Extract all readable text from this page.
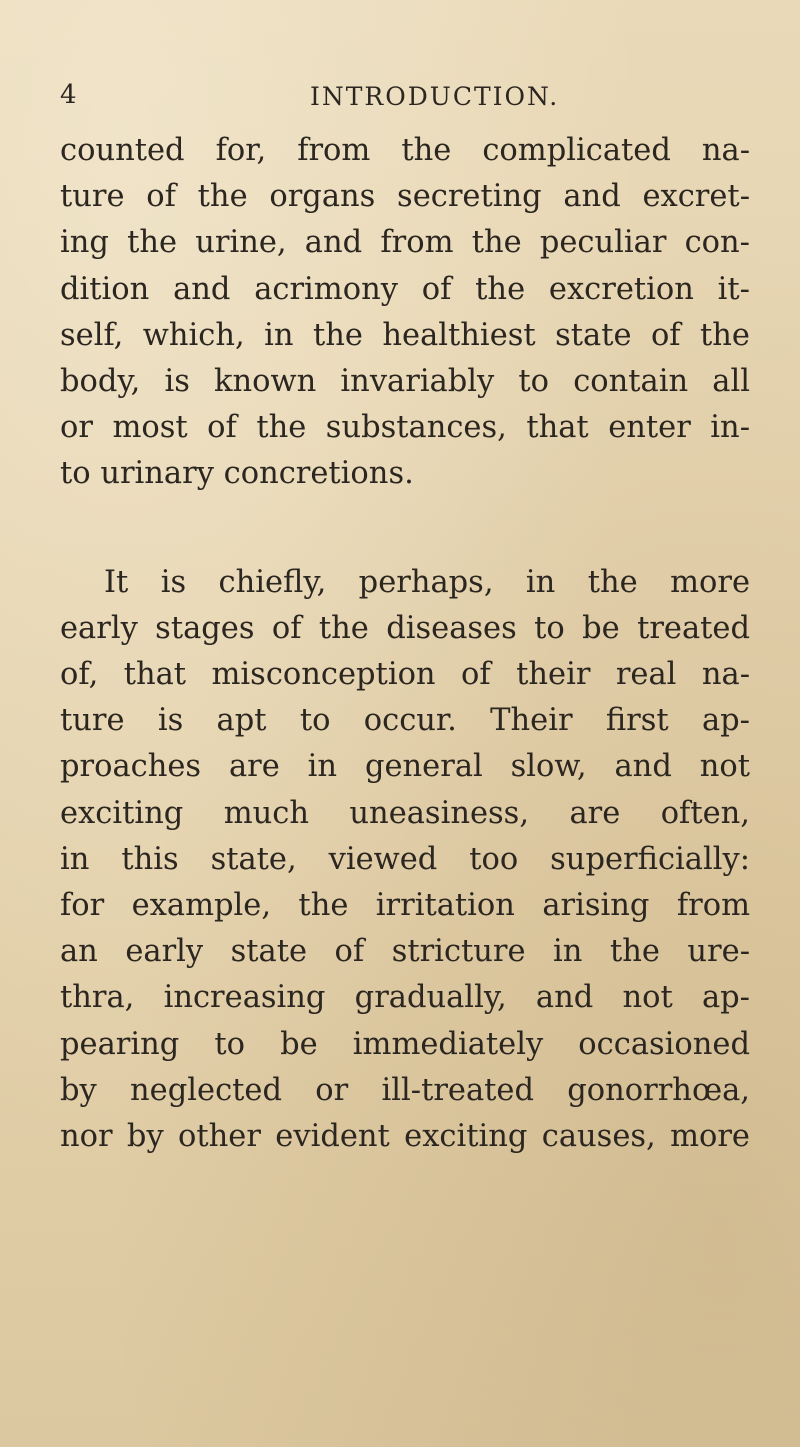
4	INTRODUCTION.
counted for, from the complicated na-
ture of the organs secreting and excret-
ing the urine, and from the peculiar con-
dition and acrimony of the excretion it-
self, which, in the healthiest state of the
body, is known invariably to contain all
or most of the substances, that enter in-
to urinary concretions.
It is chiefly, perhaps, in the more
early stages of the diseases to be treated
of, that misconception of their real na-
ture is apt to occur. Their first ap-
proaches are in general slow, and not
exciting much uneasiness, are often,
in this state, viewed too superficially:
for example, the irritation arising from
an early state of stricture in the ure-
thra, increasing gradually, and not ap-
pearing to be immediately occasioned
by neglected or ill-treated gonorrhœa,
nor by other evident exciting causes, more
